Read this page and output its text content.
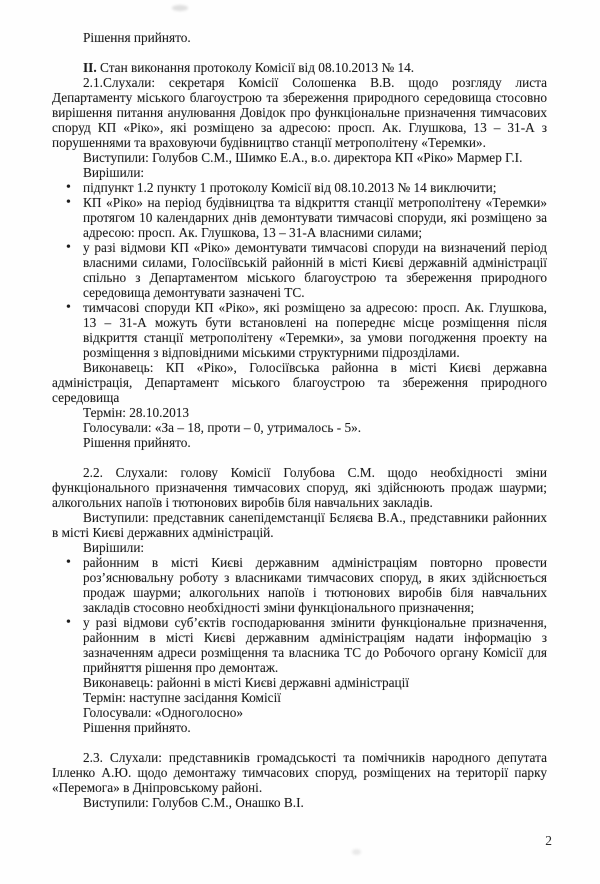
Рішення прийнято.

II. Стан виконання протоколу Комісії від 08.10.2013 № 14.

2.1.Слухали: секретаря Комісії Солошенка В.В. щодо розгляду листа Департаменту міського благоустрою та збереження природного середовища стосовно вирішення питання анулювання Довідок про функціональне призначення тимчасових споруд КП «Ріко», які розміщено за адресою: просп. Ак. Глушкова, 13 – 31-А з порушеннями та враховуючи будівництво станції метрополітену «Теремки».

Виступили: Голубов С.М., Шимко Е.А., в.о. директора КП «Ріко» Мармер Г.І.

Вирішили:

• підпункт 1.2 пункту 1 протоколу Комісії від 08.10.2013 № 14 виключити;
• КП «Ріко» на період будівництва та відкриття станції метрополітену «Теремки» протягом 10 календарних днів демонтувати тимчасові споруди, які розміщено за адресою: просп. Ак. Глушкова, 13 – 31-А власними силами;
• у разі відмови КП «Ріко» демонтувати тимчасові споруди на визначений період власними силами, Голосіївській районній в місті Києві державній адміністрації спільно з Департаментом міського благоустрою та збереження природного середовища демонтувати зазначені ТС.
• тимчасові споруди КП «Ріко», які розміщено за адресою: просп. Ак. Глушкова, 13 – 31-А можуть бути встановлені на попереднє місце розміщення після відкриття станції метрополітену «Теремки», за умови погодження проекту на розміщення з відповідними міськими структурними підрозділами.

Виконавець: КП «Ріко», Голосіївська районна в місті Києві державна адміністрація, Департамент міського благоустрою та збереження природного середовища

Термін: 28.10.2013

Голосували: «За – 18, проти – 0, утрималось - 5».

Рішення прийнято.

2.2. Слухали: голову Комісії Голубова С.М. щодо необхідності зміни функціонального призначення тимчасових споруд, які здійснюють продаж шаурми; алкогольних напоїв і тютюнових виробів біля навчальних закладів.

Виступили: представник санепідемстанції Бєляєва В.А., представники районних в місті Києві державних адміністрацій.

Вирішили:

• районним в місті Києві державним адміністраціям повторно провести роз’яснювальну роботу з власниками тимчасових споруд, в яких здійснюється продаж шаурми; алкогольних напоїв і тютюнових виробів біля навчальних закладів стосовно необхідності зміни функціонального призначення;
• у разі відмови суб’єктів господарювання змінити функціональне призначення, районним в місті Києві державним адміністраціям надати інформацію з зазначенням адреси розміщення та власника ТС до Робочого органу Комісії для прийняття рішення про демонтаж.
Виконавець: районні в місті Києві державні адміністрації
Термін: наступне засідання Комісії
Голосували: «Одноголосно»
Рішення прийнято.

2.3. Слухали: представників громадськості та помічників народного депутата Ілленко А.Ю. щодо демонтажу тимчасових споруд, розміщених на території парку «Перемога» в Дніпровському районі.

Виступили: Голубов С.М., Онашко В.І.

2
